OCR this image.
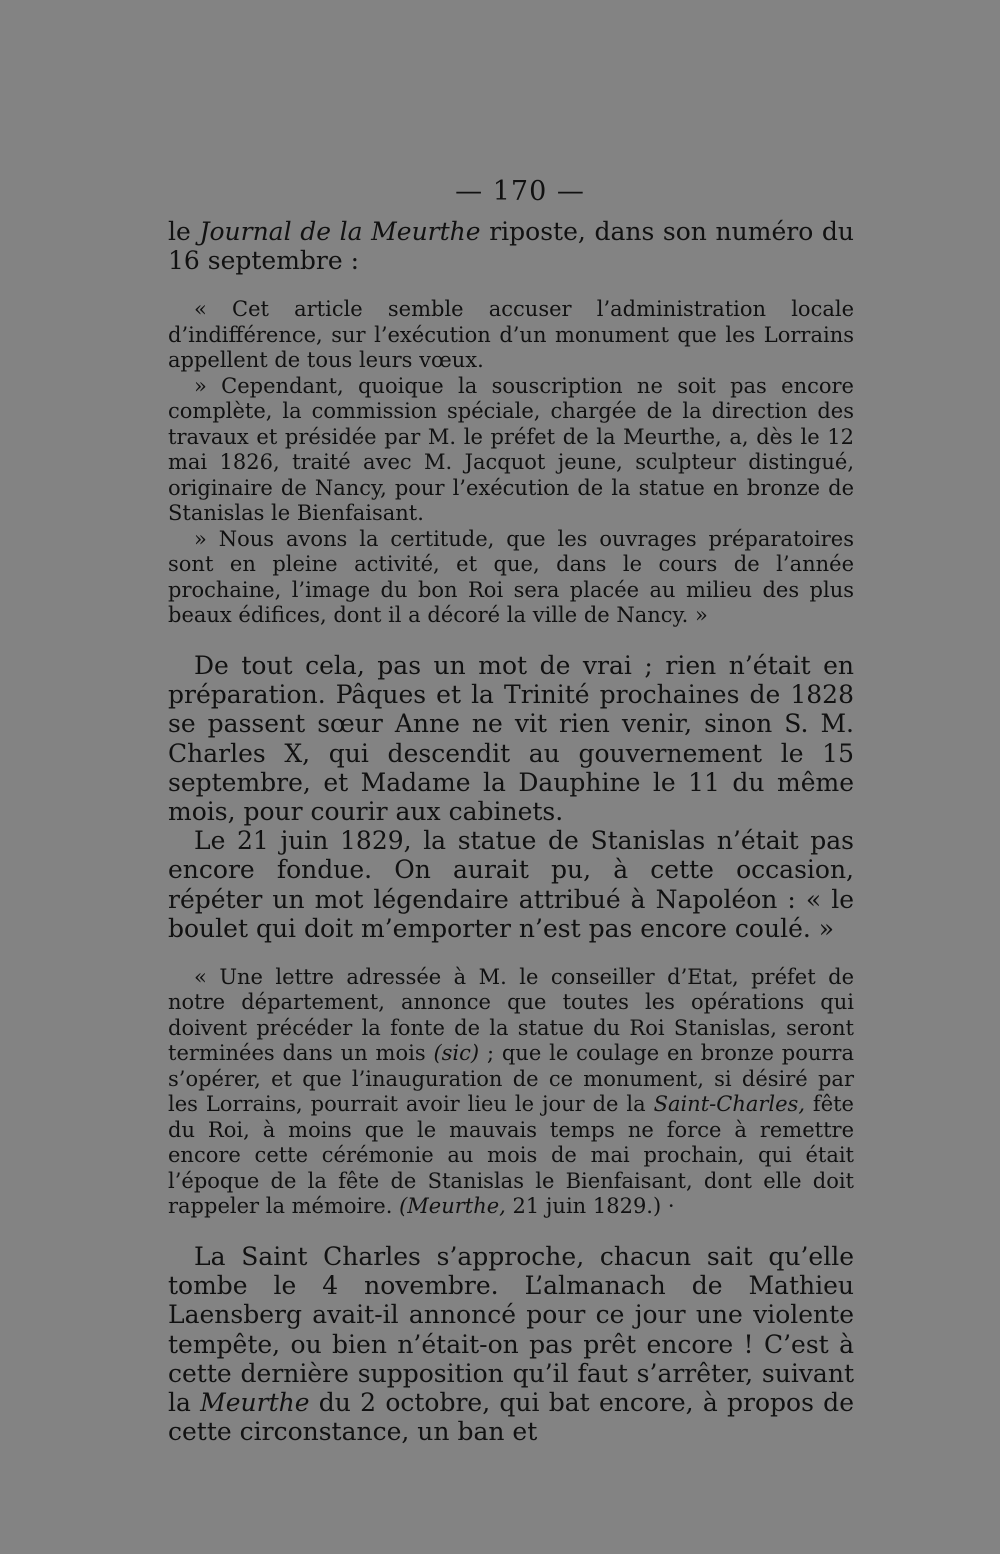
— 170 —

le Journal de la Meurthe riposte, dans son numéro du 16 septembre :

« Cet article semble accuser l’administration locale d’indifférence, sur l’exécution d’un monument que les Lorrains appellent de tous leurs vœux.

» Cependant, quoique la souscription ne soit pas encore complète, la commission spéciale, chargée de la direction des travaux et présidée par M. le préfet de la Meurthe, a, dès le 12 mai 1826, traité avec M. Jacquot jeune, sculpteur distingué, originaire de Nancy, pour l’exécution de la statue en bronze de Stanislas le Bienfaisant.

» Nous avons la certitude, que les ouvrages préparatoires sont en pleine activité, et que, dans le cours de l’année prochaine, l’image du bon Roi sera placée au milieu des plus beaux édifices, dont il a décoré la ville de Nancy. »

De tout cela, pas un mot de vrai ; rien n’était en préparation. Pâques et la Trinité prochaines de 1828 se passent sœur Anne ne vit rien venir, sinon S. M. Charles X, qui descendit au gouvernement le 15 septembre, et Madame la Dauphine le 11 du même mois, pour courir aux cabinets.

Le 21 juin 1829, la statue de Stanislas n’était pas encore fondue. On aurait pu, à cette occasion, répéter un mot légendaire attribué à Napoléon : « le boulet qui doit m’emporter n’est pas encore coulé. »

« Une lettre adressée à M. le conseiller d’Etat, préfet de notre département, annonce que toutes les opérations qui doivent précéder la fonte de la statue du Roi Stanislas, seront terminées dans un mois (sic) ; que le coulage en bronze pourra s’opérer, et que l’inauguration de ce monument, si désiré par les Lorrains, pourrait avoir lieu le jour de la Saint-Charles, fête du Roi, à moins que le mauvais temps ne force à remettre encore cette cérémonie au mois de mai prochain, qui était l’époque de la fête de Stanislas le Bienfaisant, dont elle doit rappeler la mémoire. (Meurthe, 21 juin 1829.) ·

La Saint Charles s’approche, chacun sait qu’elle tombe le 4 novembre. L’almanach de Mathieu Laensberg avait-il annoncé pour ce jour une violente tempête, ou bien n’était-on pas prêt encore ! C’est à cette dernière supposition qu’il faut s’arrêter, suivant la Meurthe du 2 octobre, qui bat encore, à propos de cette circonstance, un ban et
